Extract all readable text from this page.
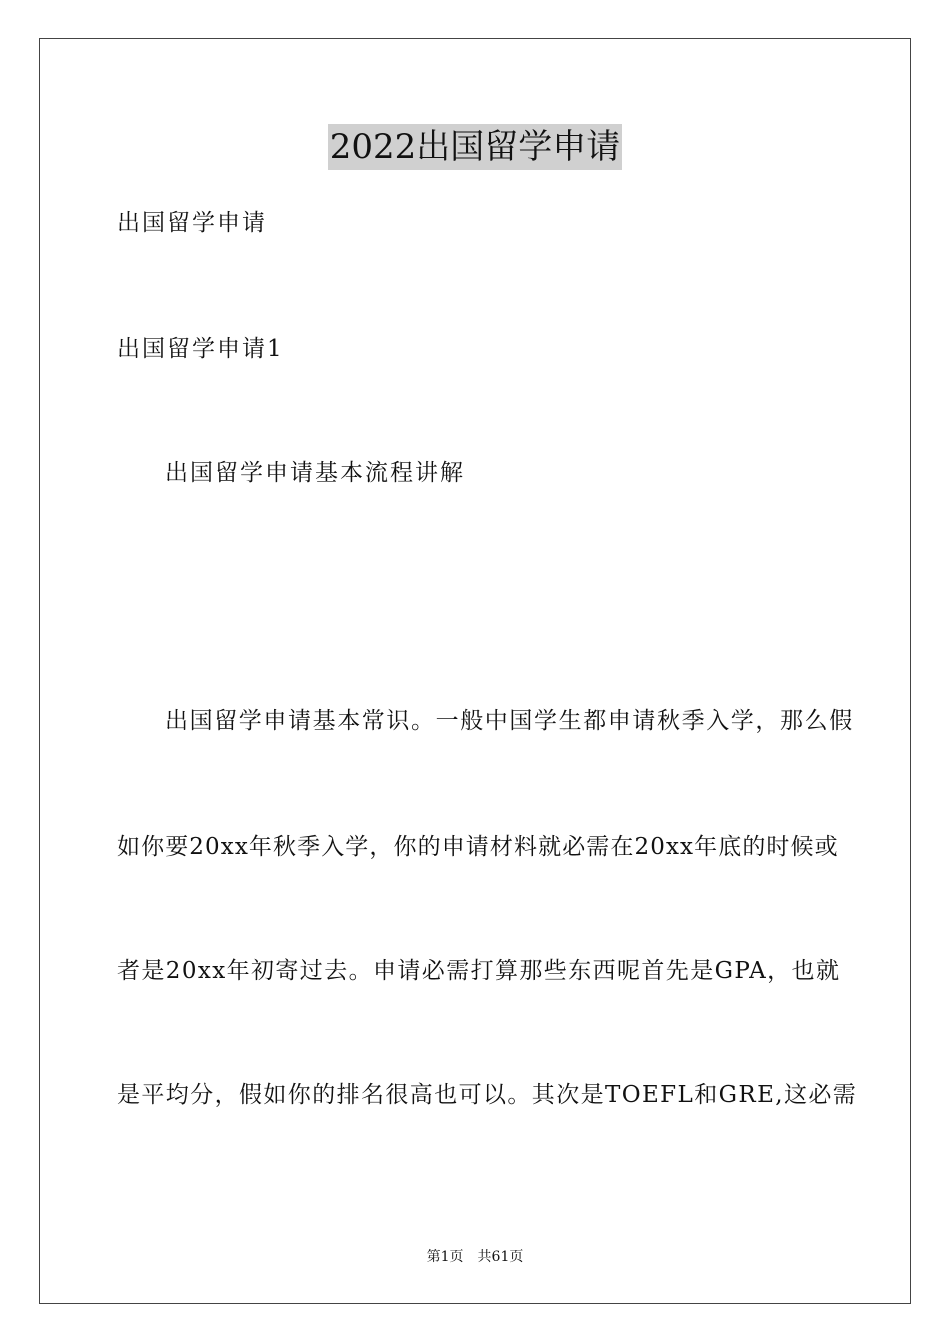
2022出国留学申请
出国留学申请
出国留学申请1
出国留学申请基本流程讲解
出国留学申请基本常识。一般中国学生都申请秋季入学，那么假
如你要20xx年秋季入学，你的申请材料就必需在20xx年底的时候或
者是20xx年初寄过去。申请必需打算那些东西呢首先是GPA，也就
是平均分，假如你的排名很高也可以。其次是TOEFL和GRE,这必需
第1页　共61页
